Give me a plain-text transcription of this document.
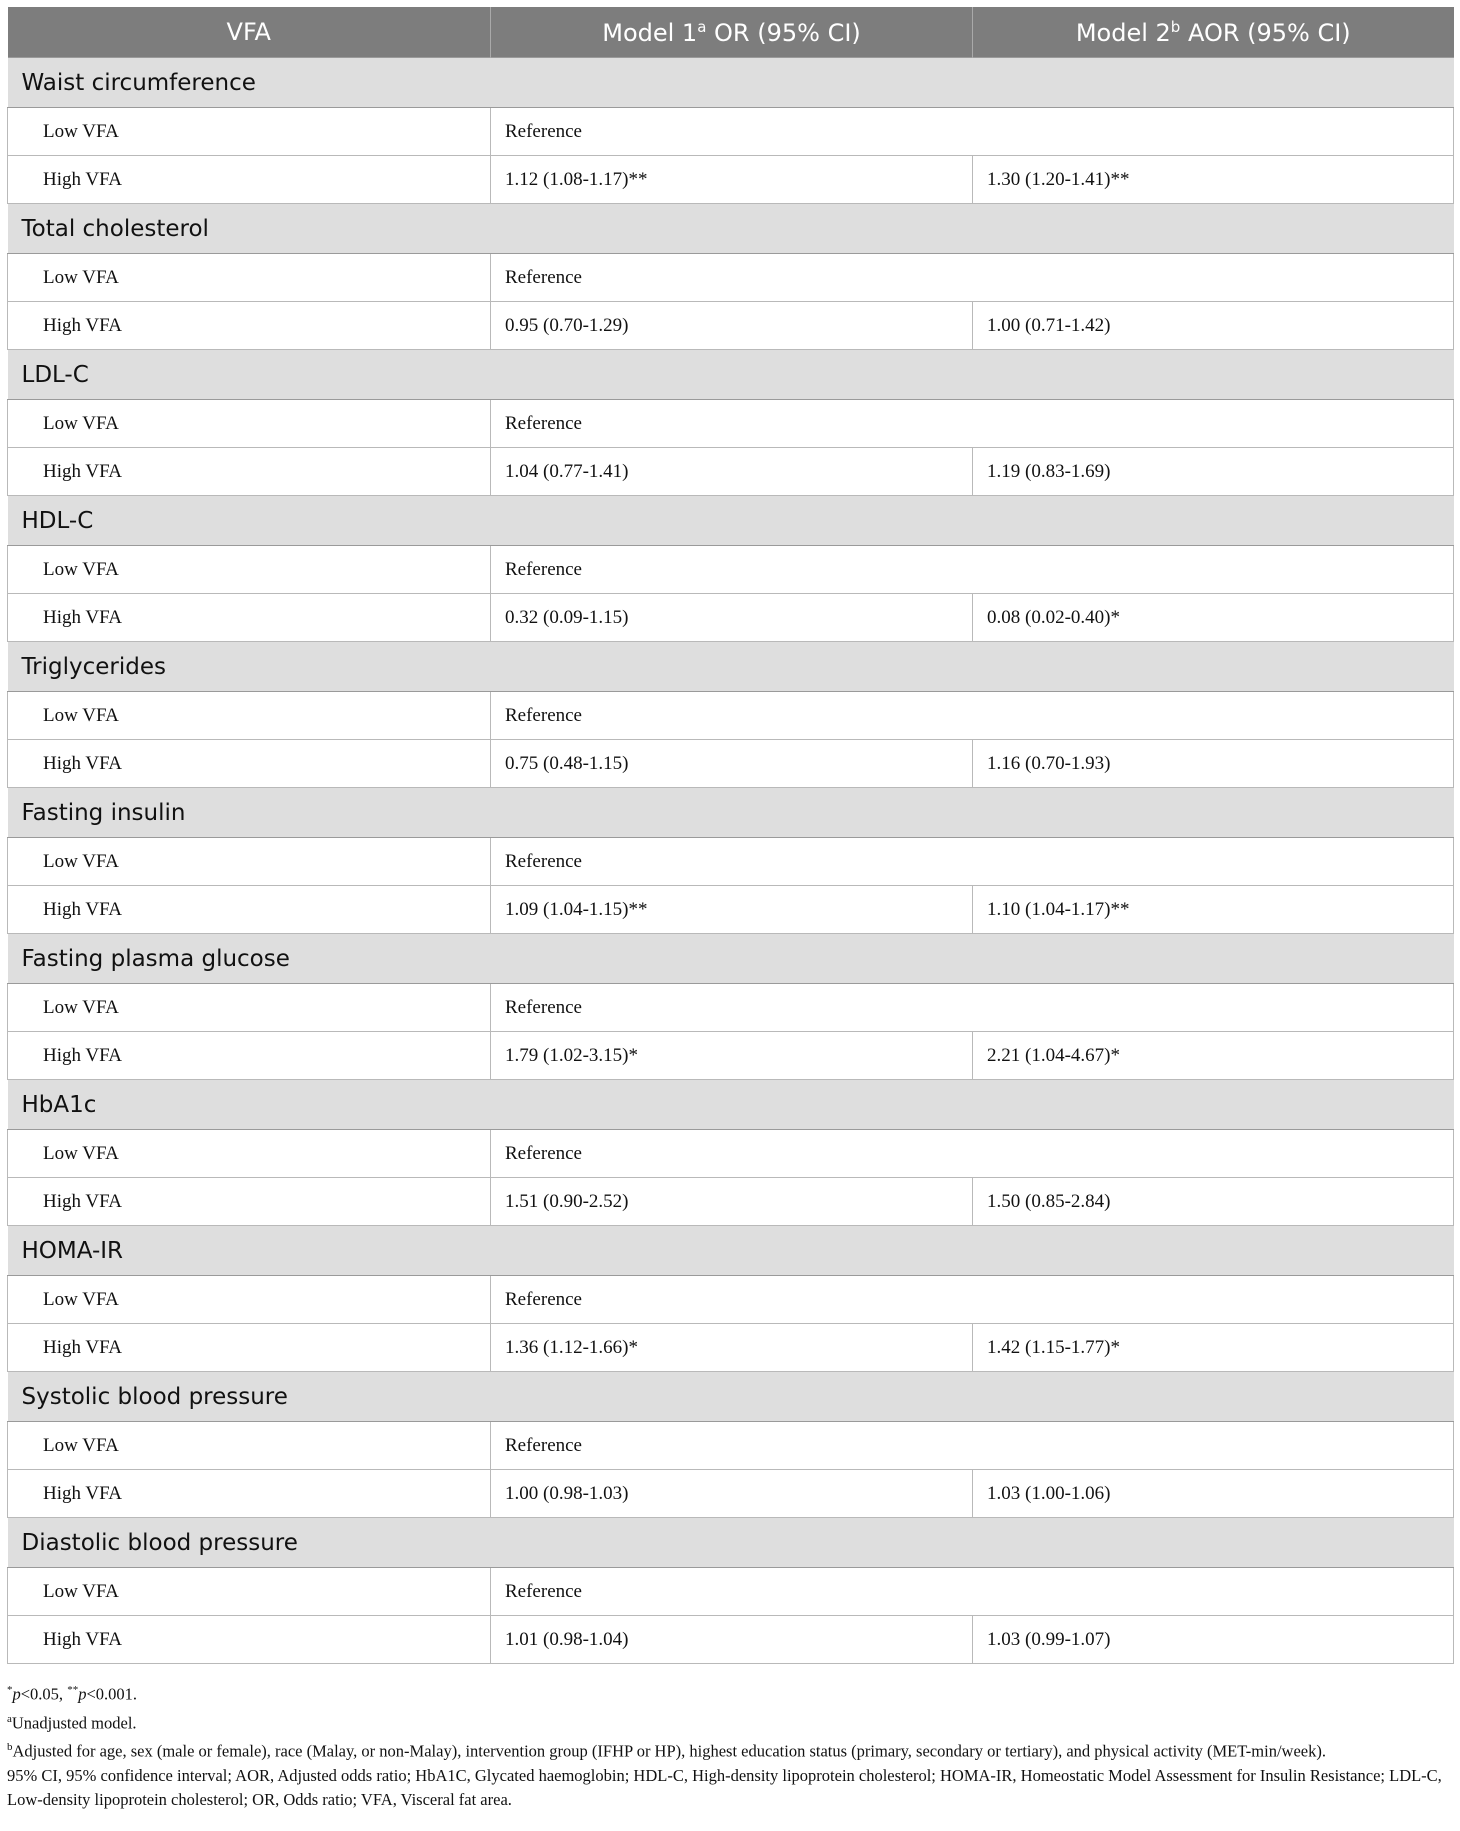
VFA	Model 1$^a$ OR (95% CI)	Model 2$^b$ AOR (95% CI)
Waist circumference		
Low VFA	Reference	
High VFA	1.12 (1.08-1.17)**	1.30 (1.20-1.41)**
Total cholesterol		
Low VFA	Reference	
High VFA	0.95 (0.70-1.29)	1.00 (0.71-1.42)
LDL-C		
Low VFA	Reference	
High VFA	1.04 (0.77-1.41)	1.19 (0.83-1.69)
HDL-C		
Low VFA	Reference	
High VFA	0.32 (0.09-1.15)	0.08 (0.02-0.40)*
Triglycerides		
Low VFA	Reference	
High VFA	0.75 (0.48-1.15)	1.16 (0.70-1.93)
Fasting insulin		
Low VFA	Reference	
High VFA	1.09 (1.04-1.15)**	1.10 (1.04-1.17)**
Fasting plasma glucose		
Low VFA	Reference	
High VFA	1.79 (1.02-3.15)*	2.21 (1.04-4.67)*
HbA1c		
Low VFA	Reference	
High VFA	1.51 (0.90-2.52)	1.50 (0.85-2.84)
HOMA-IR		
Low VFA	Reference	
High VFA	1.36 (1.12-1.66)*	1.42 (1.15-1.77)*
Systolic blood pressure		
Low VFA	Reference	
High VFA	1.00 (0.98-1.03)	1.03 (1.00-1.06)
Diastolic blood pressure		
Low VFA	Reference	
High VFA	1.01 (0.98-1.04)	1.03 (0.99-1.07)

*p<0.05, **p<0.001.

$^a$Unadjusted model.

$^b$Adjusted for age, sex (male or female), race (Malay, or non-Malay), intervention group (IFHP or HP), highest education status (primary, secondary or tertiary), and physical activity (MET-min/week).

95% CI, 95% confidence interval; AOR, Adjusted odds ratio; HbA1C, Glycated haemoglobin; HDL-C, High-density lipoprotein cholesterol; HOMA-IR, Homeostatic Model Assessment for Insulin Resistance; LDL-C, Low-density lipoprotein cholesterol; OR, Odds ratio; VFA, Visceral fat area.
